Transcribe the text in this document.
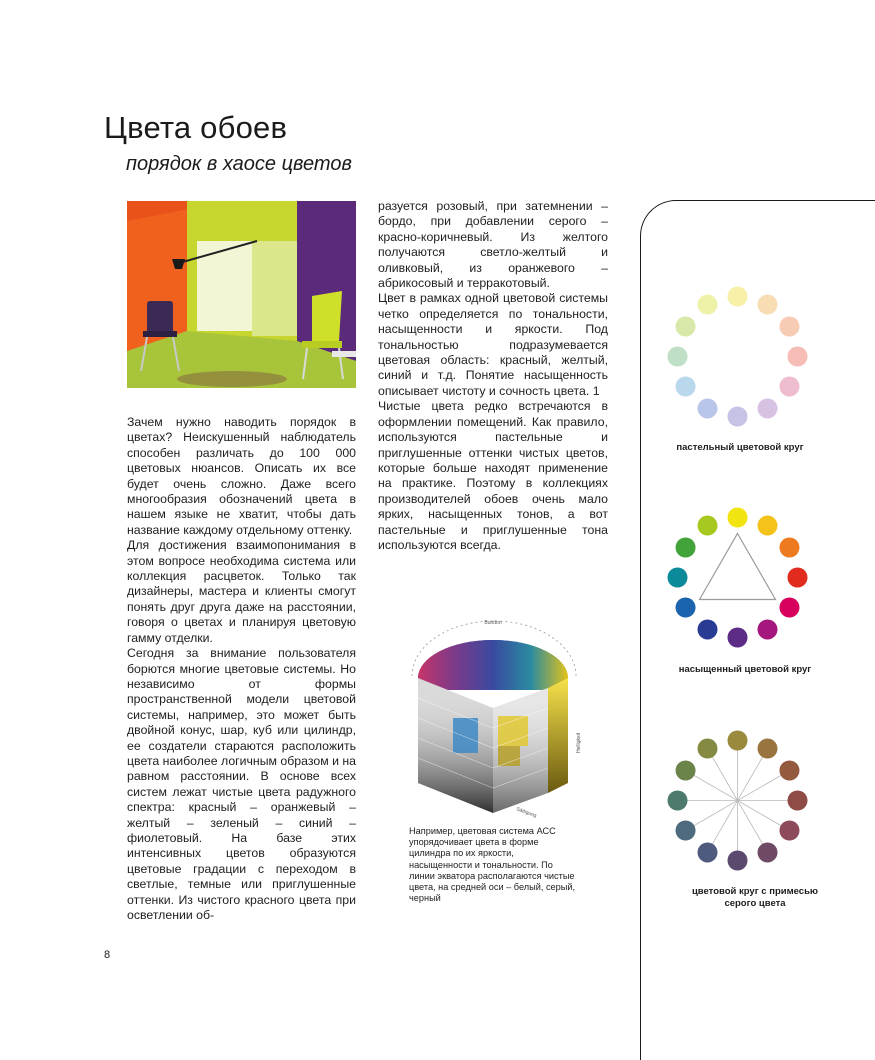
Цвета обоев
порядок в хаосе цветов

Зачем нужно наводить порядок в цветах? Неискушенный наблюдатель способен различать до 100 000 цветовых нюансов. Описать их все будет очень сложно. Даже всего многообразия обозначений цвета в нашем языке не хватит, чтобы дать название каждому отдельному оттенку.

Для достижения взаимопонимания в этом вопросе необходима система или коллекция расцветок. Только так дизайнеры, мастера и клиенты смогут понять друг друга даже на расстоянии, говоря о цветах и планируя цветовую гамму отделки.

Сегодня за внимание пользователя борются многие цветовые системы. Но независимо от формы пространственной модели цветовой системы, например, это может быть двойной конус, шар, куб или цилиндр, ее создатели стараются расположить цвета наиболее логичным образом и на равном расстоянии. В основе всех систем лежат чистые цвета радужного спектра: красный – оранжевый – желтый – зеленый – синий – фиолетовый. На базе этих интенсивных цветов образуются цветовые градации с переходом в светлые, темные или приглушенные оттенки. Из чистого красного цвета при осветлении об-

разуется розовый, при затемнении – бордо, при добавлении серого – красно-коричневый. Из желтого получаются светло-желтый и оливковый, из оранжевого – абрикосовый и терракотовый.

Цвет в рамках одной цветовой системы четко определяется по тональности, насыщенности и яркости. Под тональностью подразумевается цветовая область: красный, желтый, синий и т.д. Понятие насыщенность описывает чистоту и сочность цвета. 1

Чистые цвета редко встречаются в оформлении помещений. Как правило, используются пастельные и приглушенные оттенки чистых цветов, которые больше находят применение на практике. Поэтому в коллекциях производителей обоев очень мало ярких, насыщенных тонов, а вот пастельные и приглушенные тона используются всегда.

Buntton
Helligkeit
Sättigung
Например, цветовая система АСС упорядочивает цвета в форме цилиндра по их яркости, насыщенности и тональности. По линии экватора располагаются чистые цвета, на средней оси – белый, серый, черный
пастельный цветовой круг
насыщенный цветовой круг
цветовой круг с примесью серого цвета
8
